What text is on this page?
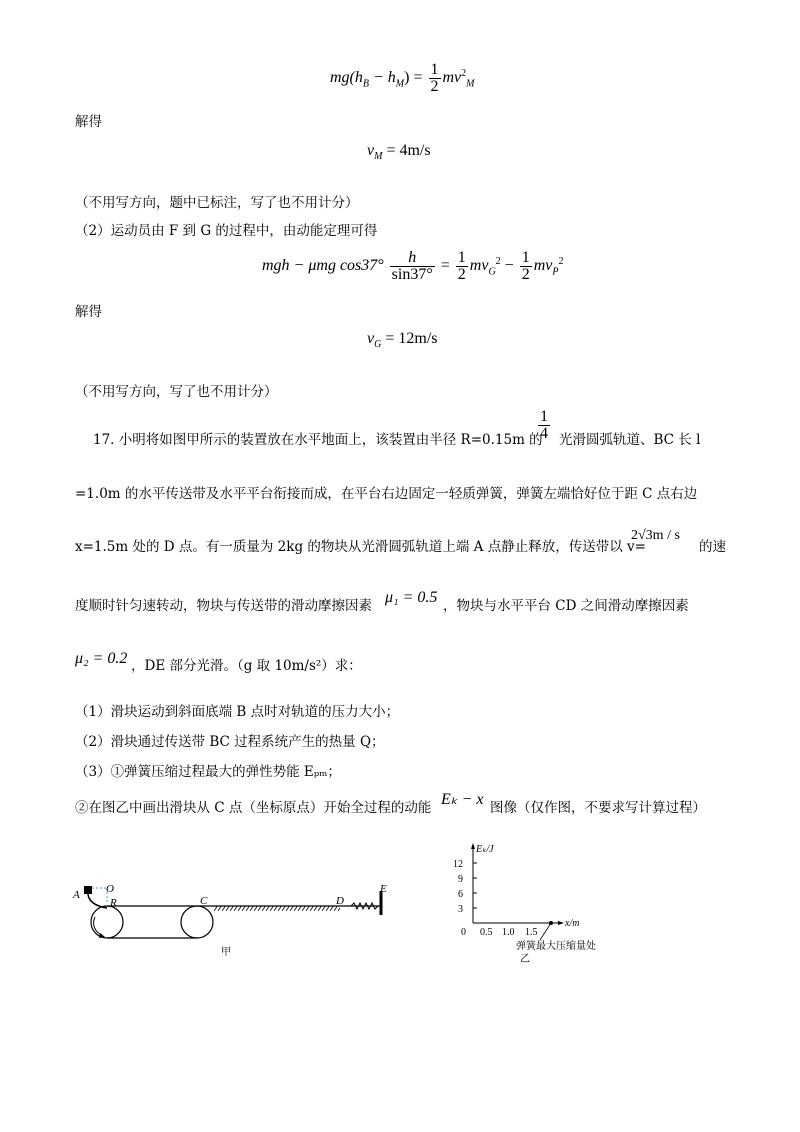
$mg(h_B - h_M) = \frac{1}{2} mv^2_M$
解得
$v_M = 4m/s$
（不用写方向，题中已标注，写了也不用计分）
（2）运动员由 F 到 G 的过程中，由动能定理可得
mgh − μmg $\cos 37^\circ \frac{h}{\sin 37^\circ} = \frac{1}{2} mv_G^2 - \frac{1}{2} mv_P^2$
解得
$v_G = 12m/s$
（不用写方向，写了也不用计分）
17. 小明将如图甲所示的装置放在水平地面上，该装置由半径 R=0.15m 的
$\frac{1}{4}$ 光滑圆弧轨道、BC 长 l
=1.0m 的水平传送带及水平平台衔接而成，在平台右边固定一轻质弹簧，弹簧左端恰好位于距 C 点右边
x=1.5m 处的 D 点。有一质量为 2kg 的物块从光滑圆弧轨道上端 A 点静止释放，传送带以 v=
2√3m / s
的速
度顺时针匀速转动，物块与传送带的滑动摩擦因素 μ₁ = 0.5 ，物块与水平平台 CD 之间滑动摩擦因素
μ₂ = 0.2 ，DE 部分光滑。（g 取 10m/s²）求：
（1）滑块运动到斜面底端 B 点时对轨道的压力大小；
（2）滑块通过传送带 BC 过程系统产生的热量 Q；
（3）①弹簧压缩过程最大的弹性势能 Eₚₘ；
②在图乙中画出滑块从 C 点（坐标原点）开始全过程的动能 Eₖ − x 图像（仅作图，不要求写计算过程）
A O
R	C	D
E
甲
Eₖ/J
x/m
12
9
6
3
0 0.5 1.0 1.5
弹簧最大压缩量处
乙
